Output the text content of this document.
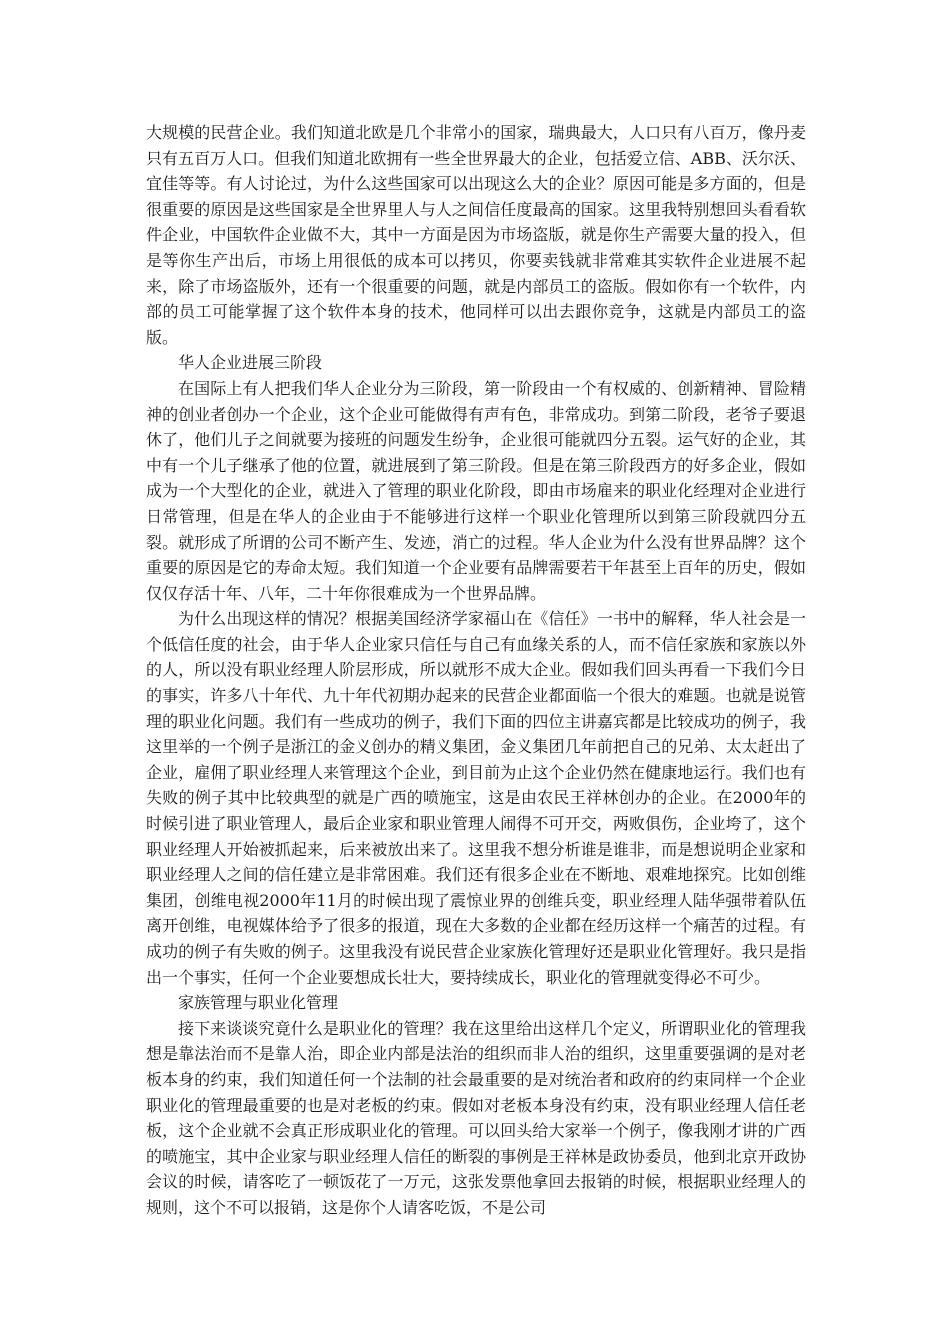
大规模的民营企业。我们知道北欧是几个非常小的国家，瑞典最大，人口只有八百万，像丹麦只有五百万人口。但我们知道北欧拥有一些全世界最大的企业，包括爱立信、ABB、沃尔沃、宜佳等等。有人讨论过，为什么这些国家可以出现这么大的企业？原因可能是多方面的，但是很重要的原因是这些国家是全世界里人与人之间信任度最高的国家。这里我特别想回头看看软件企业，中国软件企业做不大，其中一方面是因为市场盗版，就是你生产需要大量的投入，但是等你生产出后，市场上用很低的成本可以拷贝，你要卖钱就非常难其实软件企业进展不起来，除了市场盗版外，还有一个很重要的问题，就是内部员工的盗版。假如你有一个软件，内部的员工可能掌握了这个软件本身的技术，他同样可以出去跟你竞争，这就是内部员工的盗版。

华人企业进展三阶段

在国际上有人把我们华人企业分为三阶段，第一阶段由一个有权威的、创新精神、冒险精神的创业者创办一个企业，这个企业可能做得有声有色，非常成功。到第二阶段，老爷子要退休了，他们儿子之间就要为接班的问题发生纷争，企业很可能就四分五裂。运气好的企业，其中有一个儿子继承了他的位置，就进展到了第三阶段。但是在第三阶段西方的好多企业，假如成为一个大型化的企业，就进入了管理的职业化阶段，即由市场雇来的职业化经理对企业进行日常管理，但是在华人的企业由于不能够进行这样一个职业化管理所以到第三阶段就四分五裂。就形成了所谓的公司不断产生、发迹，消亡的过程。华人企业为什么没有世界品牌？这个重要的原因是它的寿命太短。我们知道一个企业要有品牌需要若干年甚至上百年的历史，假如仅仅存活十年、八年，二十年你很难成为一个世界品牌。

为什么出现这样的情况？根据美国经济学家福山在《信任》一书中的解释，华人社会是一个低信任度的社会，由于华人企业家只信任与自己有血缘关系的人，而不信任家族和家族以外的人，所以没有职业经理人阶层形成，所以就形不成大企业。假如我们回头再看一下我们今日的事实，许多八十年代、九十年代初期办起来的民营企业都面临一个很大的难题。也就是说管理的职业化问题。我们有一些成功的例子，我们下面的四位主讲嘉宾都是比较成功的例子，我这里举的一个例子是浙江的金义创办的精义集团，金义集团几年前把自己的兄弟、太太赶出了企业，雇佣了职业经理人来管理这个企业，到目前为止这个企业仍然在健康地运行。我们也有失败的例子其中比较典型的就是广西的喷施宝，这是由农民王祥林创办的企业。在2000年的时候引进了职业管理人，最后企业家和职业管理人闹得不可开交，两败俱伤，企业垮了，这个职业经理人开始被抓起来，后来被放出来了。这里我不想分析谁是谁非，而是想说明企业家和职业经理人之间的信任建立是非常困难。我们还有很多企业在不断地、艰难地探究。比如创维集团，创维电视2000年11月的时候出现了震惊业界的创维兵变，职业经理人陆华强带着队伍离开创维，电视媒体给予了很多的报道，现在大多数的企业都在经历这样一个痛苦的过程。有成功的例子有失败的例子。这里我没有说民营企业家族化管理好还是职业化管理好。我只是指出一个事实，任何一个企业要想成长壮大，要持续成长，职业化的管理就变得必不可少。

家族管理与职业化管理

接下来谈谈究竟什么是职业化的管理？我在这里给出这样几个定义，所谓职业化的管理我想是靠法治而不是靠人治，即企业内部是法治的组织而非人治的组织，这里重要强调的是对老板本身的约束，我们知道任何一个法制的社会最重要的是对统治者和政府的约束同样一个企业职业化的管理最重要的也是对老板的约束。假如对老板本身没有约束，没有职业经理人信任老板，这个企业就不会真正形成职业化的管理。可以回头给大家举一个例子，像我刚才讲的广西的喷施宝，其中企业家与职业经理人信任的断裂的事例是王祥林是政协委员，他到北京开政协会议的时候，请客吃了一顿饭花了一万元，这张发票他拿回去报销的时候，根据职业经理人的规则，这个不可以报销，这是你个人请客吃饭，不是公司
